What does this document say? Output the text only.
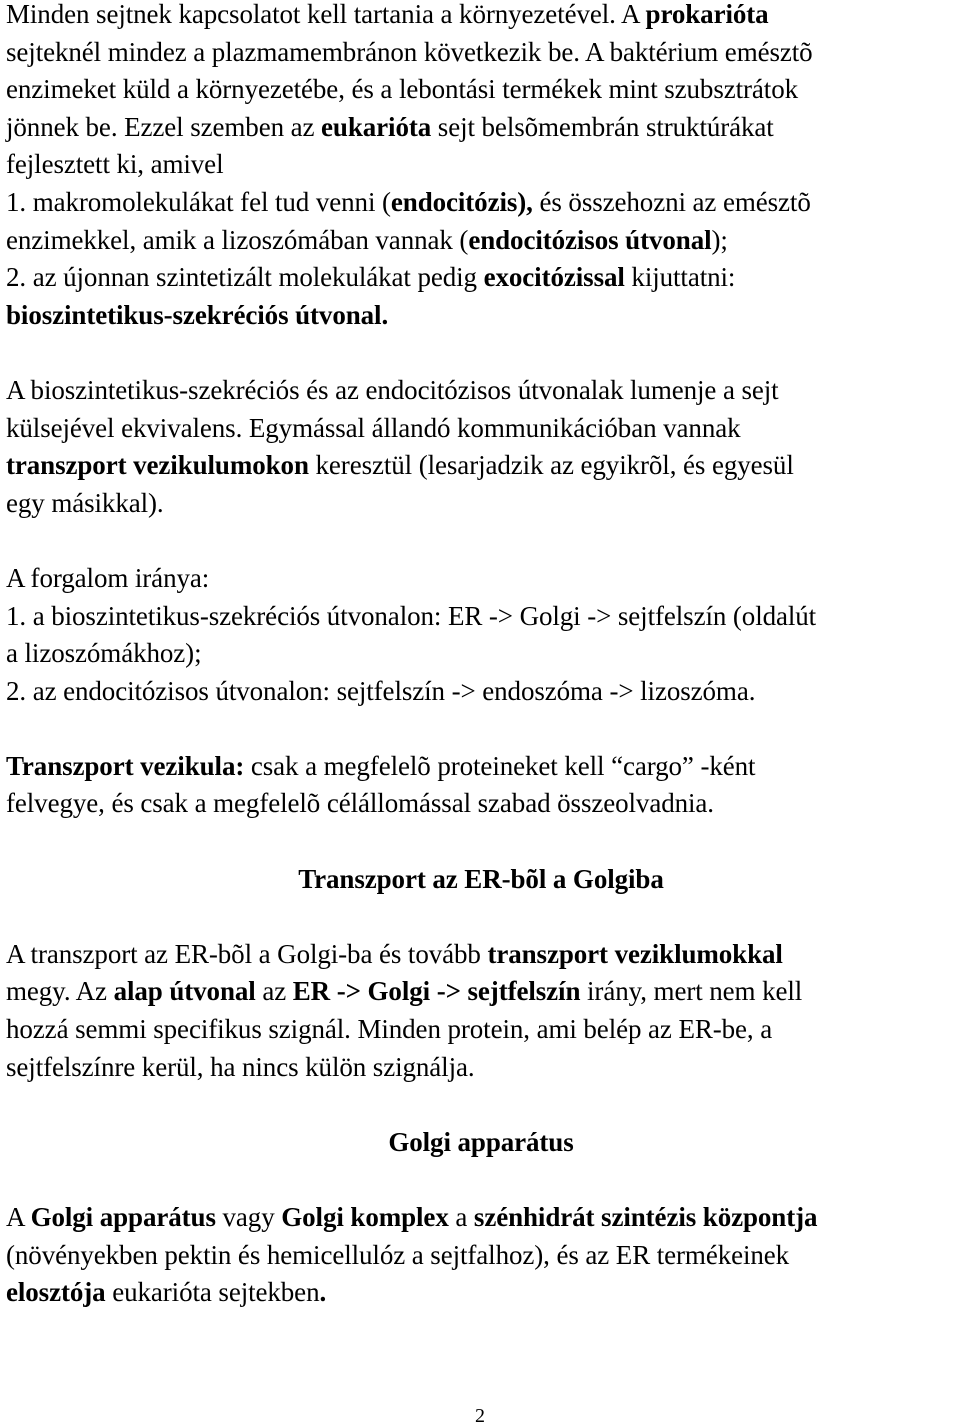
Minden sejtnek kapcsolatot kell tartania a környezetével. A prokarióta
sejteknél mindez a plazmamembránon következik be. A baktérium emésztõ
enzimeket küld a környezetébe, és a lebontási termékek mint szubsztrátok
jönnek be. Ezzel szemben az eukarióta sejt belsõmembrán struktúrákat
fejlesztett ki, amivel
1. makromolekulákat fel tud venni (endocitózis), és összehozni az emésztõ
enzimekkel, amik a lizoszómában vannak (endocitózisos útvonal);
2. az újonnan szintetizált molekulákat pedig exocitózissal kijuttatni:
bioszintetikus-szekréciós útvonal.
A bioszintetikus-szekréciós és az endocitózisos útvonalak lumenje a sejt
külsejével ekvivalens. Egymással állandó kommunikációban vannak
transzport vezikulumokon keresztül (lesarjadzik az egyikrõl, és egyesül
egy másikkal).
A forgalom iránya:
1. a bioszintetikus-szekréciós útvonalon: ER -> Golgi -> sejtfelszín (oldalút
a lizoszómákhoz);
2. az endocitózisos útvonalon: sejtfelszín -> endoszóma -> lizoszóma.
Transzport vezikula: csak a megfelelõ proteineket kell “cargo” -ként
felvegye, és csak a megfelelõ célállomással szabad összeolvadnia.
Transzport az ER-bõl a Golgiba
A transzport az ER-bõl a Golgi-ba és tovább transzport veziklumokkal
megy. Az alap útvonal az ER -> Golgi -> sejtfelszín irány, mert nem kell
hozzá semmi specifikus szignál. Minden protein, ami belép az ER-be, a
sejtfelszínre kerül, ha nincs külön szignálja.
Golgi apparátus
A Golgi apparátus vagy Golgi komplex a szénhidrát szintézis központja
(növényekben pektin és hemicellulóz a sejtfalhoz), és az ER termékeinek
elosztója eukarióta sejtekben.
2
